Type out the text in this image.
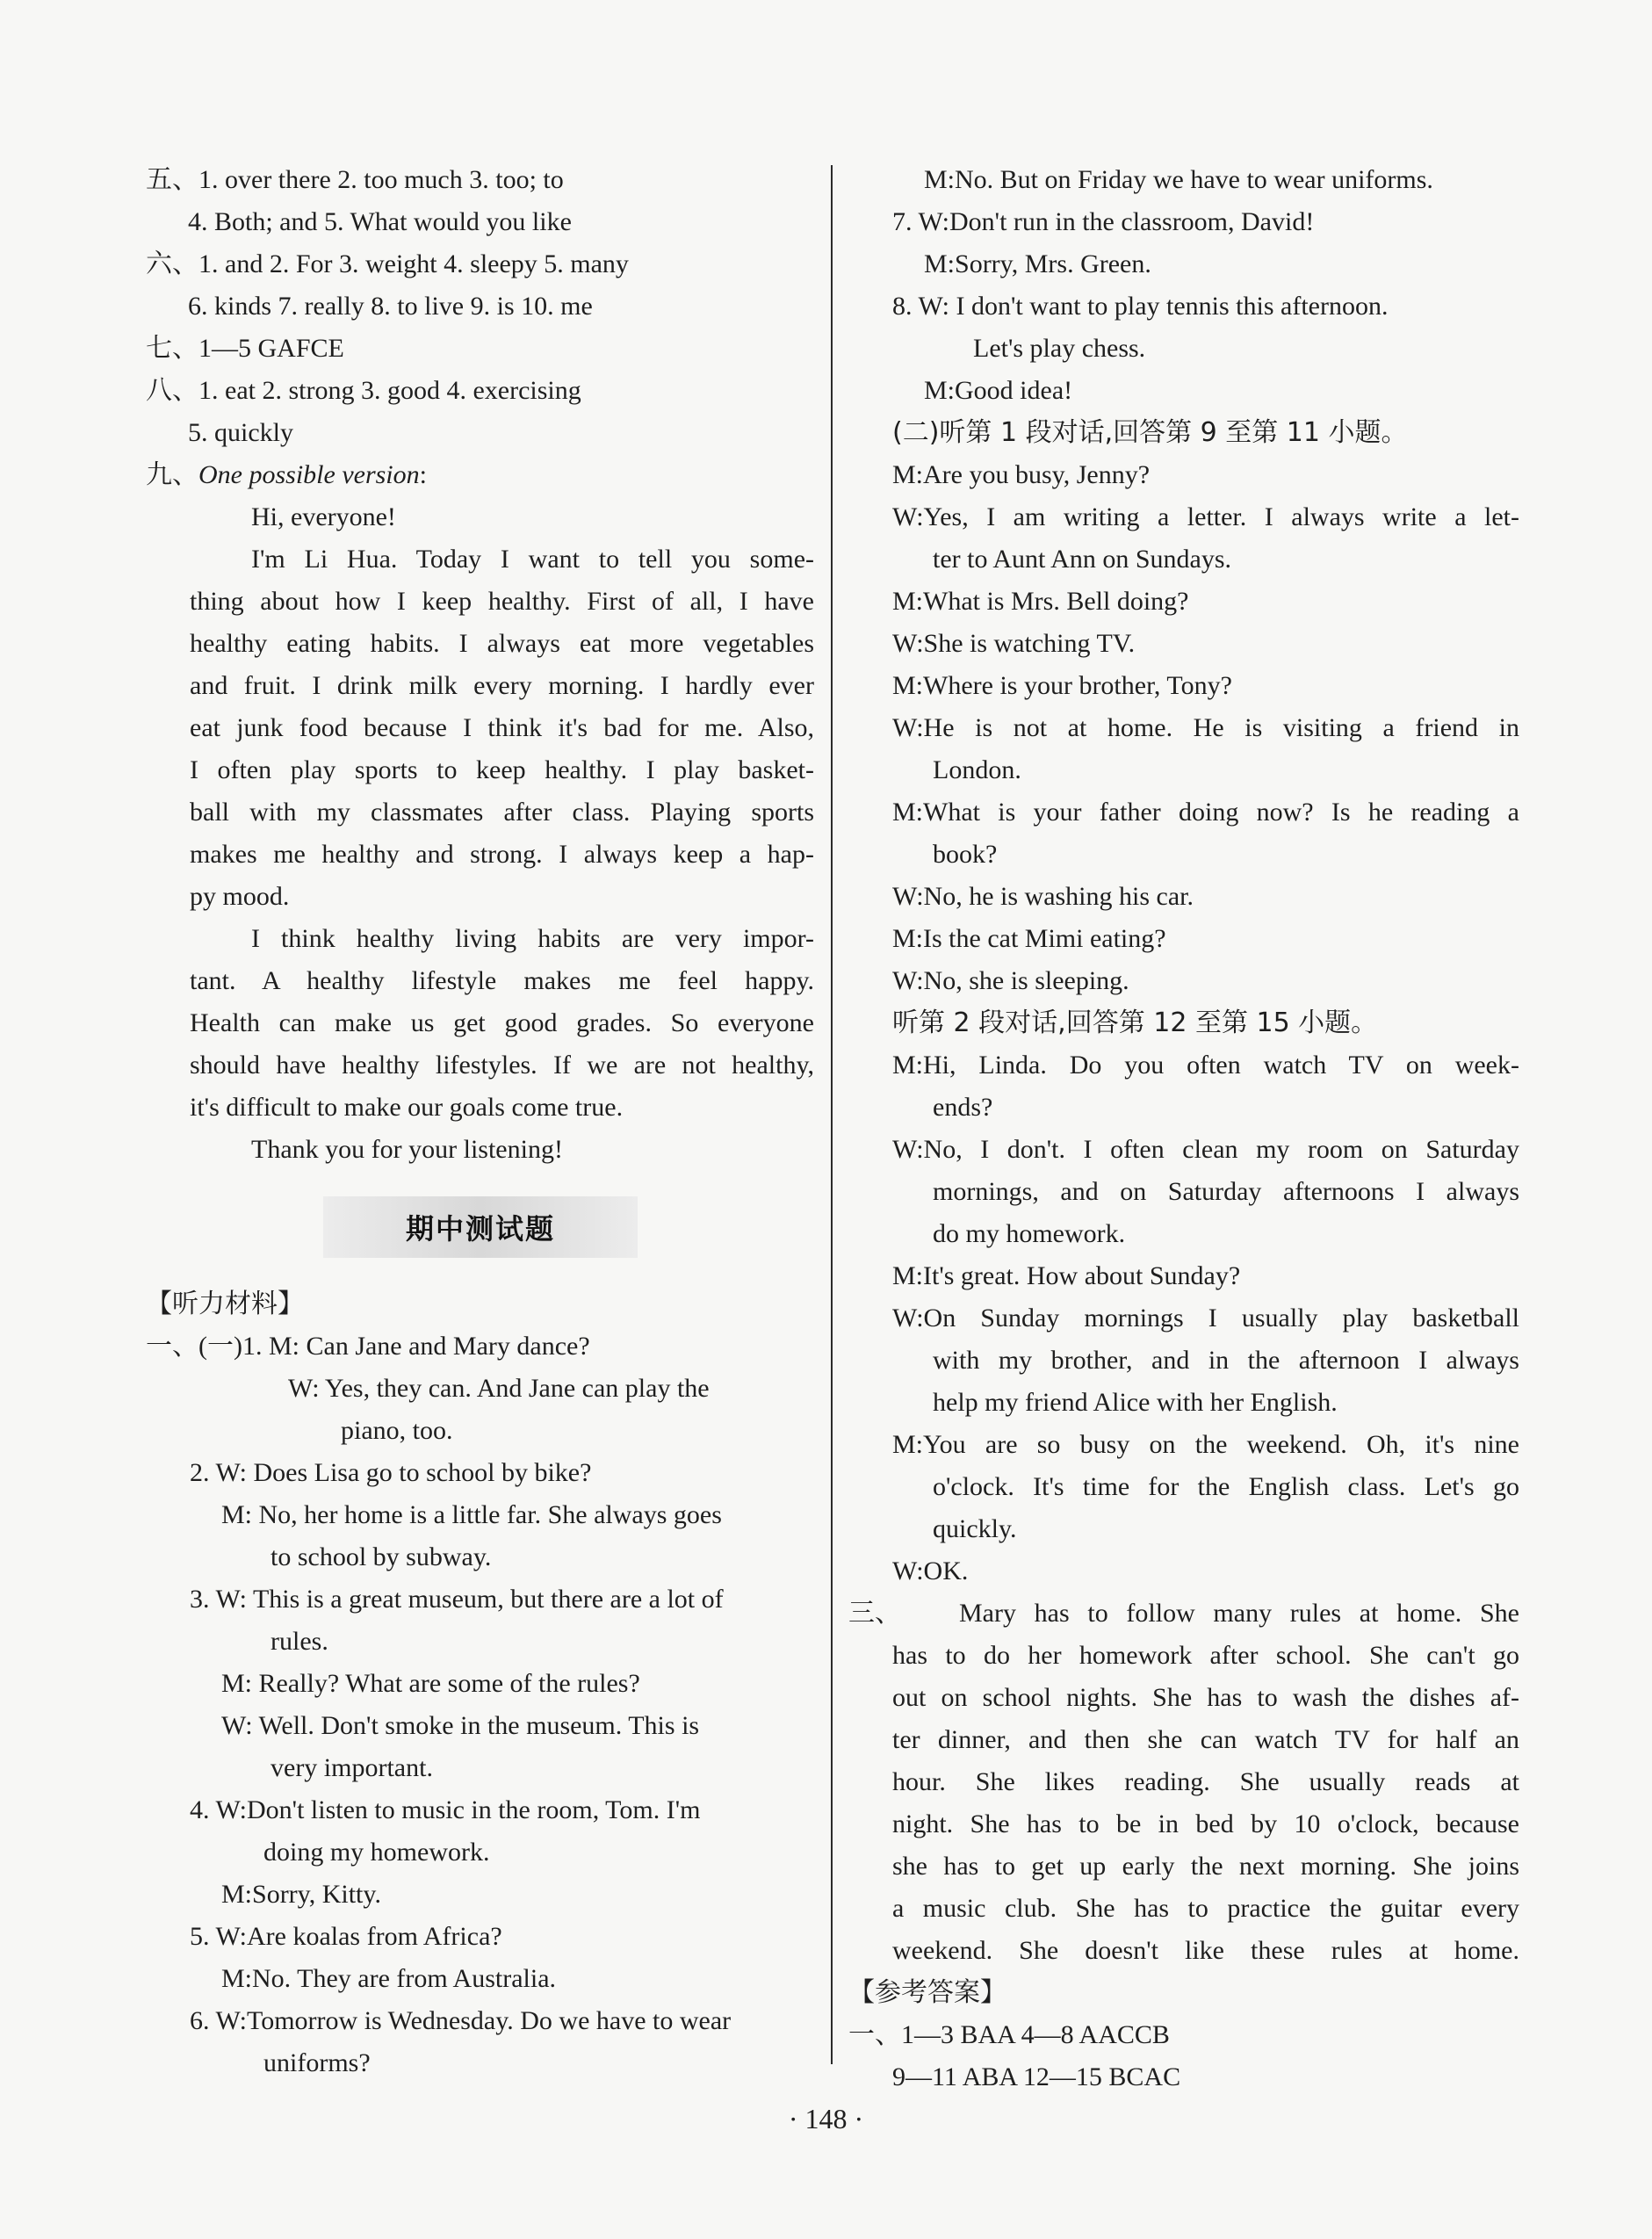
五、1. over there 2. too much 3. too; to
4. Both; and 5. What would you like
六、1. and 2. For 3. weight 4. sleepy 5. many
6. kinds 7. really 8. to live 9. is 10. me
七、1—5 GAFCE
八、1. eat 2. strong 3. good 4. exercising
5. quickly
九、One possible version:
Hi, everyone!
I'm Li Hua. Today I want to tell you some-
thing about how I keep healthy. First of all, I have
healthy eating habits. I always eat more vegetables
and fruit. I drink milk every morning. I hardly ever
eat junk food because I think it's bad for me. Also,
I often play sports to keep healthy. I play basket-
ball with my classmates after class. Playing sports
makes me healthy and strong. I always keep a hap-
py mood.
I think healthy living habits are very impor-
tant. A healthy lifestyle makes me feel happy.
Health can make us get good grades. So everyone
should have healthy lifestyles. If we are not healthy,
it's difficult to make our goals come true.
Thank you for your listening!
期中测试题
【听力材料】
一、(一)1. M: Can Jane and Mary dance?
W: Yes, they can. And Jane can play the
piano, too.
2. W: Does Lisa go to school by bike?
M: No, her home is a little far. She always goes
to school by subway.
3. W: This is a great museum, but there are a lot of
rules.
M: Really? What are some of the rules?
W: Well. Don't smoke in the museum. This is
very important.
4. W:Don't listen to music in the room, Tom. I'm
doing my homework.
M:Sorry, Kitty.
5. W:Are koalas from Africa?
M:No. They are from Australia.
6. W:Tomorrow is Wednesday. Do we have to wear
uniforms?
M:No. But on Friday we have to wear uniforms.
7. W:Don't run in the classroom, David!
M:Sorry, Mrs. Green.
8. W: I don't want to play tennis this afternoon.
Let's play chess.
M:Good idea!
(二)听第 1 段对话,回答第 9 至第 11 小题。
M:Are you busy, Jenny?
W:Yes, I am writing a letter. I always write a let-
ter to Aunt Ann on Sundays.
M:What is Mrs. Bell doing?
W:She is watching TV.
M:Where is your brother, Tony?
W:He is not at home. He is visiting a friend in
London.
M:What is your father doing now? Is he reading a
book?
W:No, he is washing his car.
M:Is the cat Mimi eating?
W:No, she is sleeping.
听第 2 段对话,回答第 12 至第 15 小题。
M:Hi, Linda. Do you often watch TV on week-
ends?
W:No, I don't. I often clean my room on Saturday
mornings, and on Saturday afternoons I always
do my homework.
M:It's great. How about Sunday?
W:On Sunday mornings I usually play basketball
with my brother, and in the afternoon I always
help my friend Alice with her English.
M:You are so busy on the weekend. Oh, it's nine
o'clock. It's time for the English class. Let's go
quickly.
W:OK.
三、 Mary has to follow many rules at home. She
has to do her homework after school. She can't go
out on school nights. She has to wash the dishes af-
ter dinner, and then she can watch TV for half an
hour. She likes reading. She usually reads at
night. She has to be in bed by 10 o'clock, because
she has to get up early the next morning. She joins
a music club. She has to practice the guitar every
weekend. She doesn't like these rules at home.
【参考答案】
一、1—3 BAA 4—8 AACCB
9—11 ABA 12—15 BCAC
· 148 ·
